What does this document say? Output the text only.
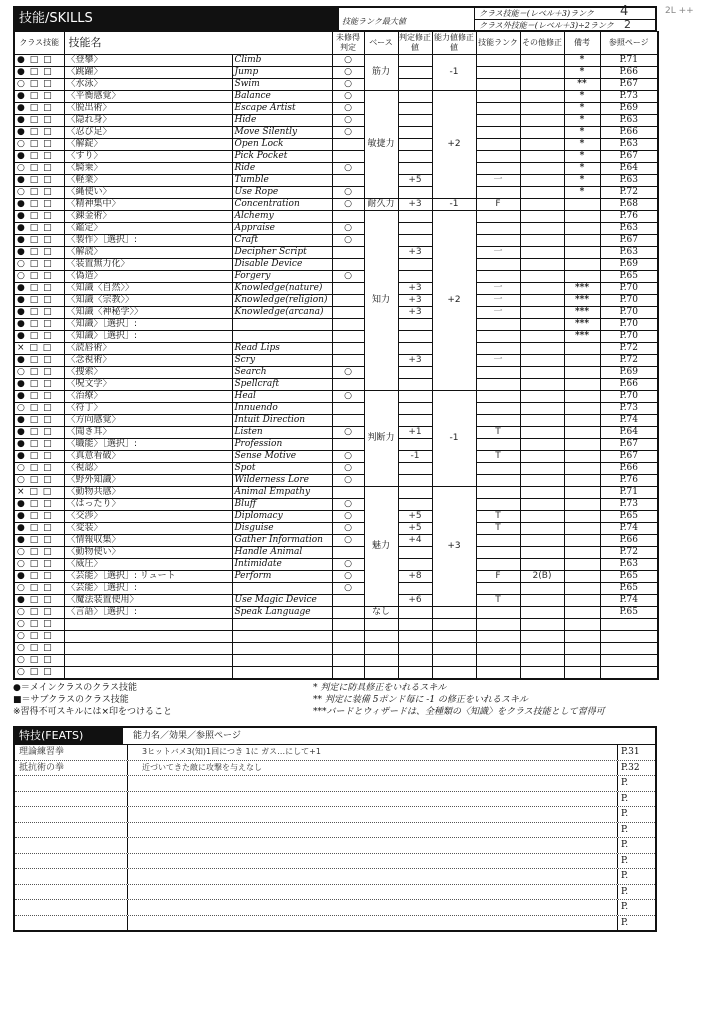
2L ++
4
2
技能/SKILLS	技能ランク最大値
クラス技能＝(レベル＋3)ランク
クラス外技能＝(レベル＋3)÷2ランク
クラス技能	技能名		未修得判定	ベース	判定修正値	能力値修正値	技能ランク	その他修正	備考	参照ページ
● □ □	〈登攀〉	Climb	○	筋力		-1			*	P.71
● □ □	〈跳躍〉	Jump	○						*	P.66
○ □ □	〈水泳〉	Swim	○						**	P.67
● □ □	〈平衡感覚〉	Balance	○	敏捷力		+2			*	P.73
● □ □	〈脱出術〉	Escape Artist	○						*	P.69
● □ □	〈隠れ身〉	Hide	○						*	P.63
● □ □	〈忍び足〉	Move Silently	○						*	P.66
○ □ □	〈解錠〉	Open Lock							*	P.63
● □ □	〈すり〉	Pick Pocket							*	P.67
○ □ □	〈騎乗〉	Ride	○						*	P.64
● □ □	〈軽業〉	Tumble			+5		一		*	P.63
○ □ □	〈縄使い〉	Use Rope	○						*	P.72
● □ □	〈精神集中〉	Concentration	○	耐久力	+3	-1	F			P.68
● □ □	〈錬金術〉	Alchemy		知力		+2				P.76
● □ □	〈鑑定〉	Appraise	○							P.63
● □ □	〈製作〉［選択］:	Craft	○							P.67
● □ □	〈解読〉	Decipher Script			+3		一			P.63
○ □ □	〈装置無力化〉	Disable Device								P.69
○ □ □	〈偽造〉	Forgery	○							P.65
● □ □	〈知識〈自然〉〉	Knowledge(nature)			+3		一		***	P.70
● □ □	〈知識〈宗教〉〉	Knowledge(religion)			+3		一		***	P.70
● □ □	〈知識〈神秘学〉〉	Knowledge(arcana)			+3		一		***	P.70
● □ □	〈知識〉［選択］:								***	P.70
● □ □	〈知識〉［選択］:								***	P.70
× □ □	〈読唇術〉	Read Lips								P.72
● □ □	〈念視術〉	Scry			+3		一			P.72
○ □ □	〈捜索〉	Search	○							P.69
● □ □	〈呪文学〉	Spellcraft								P.66
● □ □	〈治療〉	Heal	○	判断力		-1				P.70
○ □ □	〈符丁〉	Innuendo								P.73
● □ □	〈方向感覚〉	Intuit Direction								P.74
● □ □	〈聞き耳〉	Listen	○		+1		T			P.64
● □ □	〈職能〉［選択］:	Profession								P.67
● □ □	〈真意看破〉	Sense Motive	○		-1		T			P.67
○ □ □	〈視認〉	Spot	○							P.66
○ □ □	〈野外知識〉	Wilderness Lore	○							P.76
× □ □	〈動物共感〉	Animal Empathy		魅力		+3				P.71
● □ □	〈はったり〉	Bluff	○							P.73
● □ □	〈交渉〉	Diplomacy	○		+5		T			P.65
● □ □	〈変装〉	Disguise	○		+5		T			P.74
● □ □	〈情報収集〉	Gather Information	○		+4					P.66
○ □ □	〈動物使い〉	Handle Animal								P.72
○ □ □	〈威圧〉	Intimidate	○							P.63
● □ □	〈芸能〉［選択］: リュート	Perform	○		+8		F	2(B)		P.65
○ □ □	〈芸能〉［選択］:		○							P.65
● □ □	〈魔法装置使用〉	Use Magic Device			+6		T			P.74
○ □ □	〈言語〉［選択］:	Speak Language		なし						P.65
○ □ □										
○ □ □										
○ □ □										
○ □ □										
○ □ □										
●＝メインクラスのクラス技能
■＝サブクラスのクラス技能
※習得不可スキルには×印をつけること
* 判定に防具修正をいれるスキル
** 判定に装備 5ポンド毎に -1 の修正をいれるスキル
***バードとウィザードは、全種類の〈知識〉をクラス技能として習得可
特技(FEATS)	能力名／効果／参照ページ
理論練習拳	3ヒットバメ3(知)1回につき 1に ガス…にして+1	P.31
抵抗術の拳	近づいてきた敵に攻撃を与えなし	P.32
P.
P.
P.
P.
P.
P.
P.
P.
P.
P.
